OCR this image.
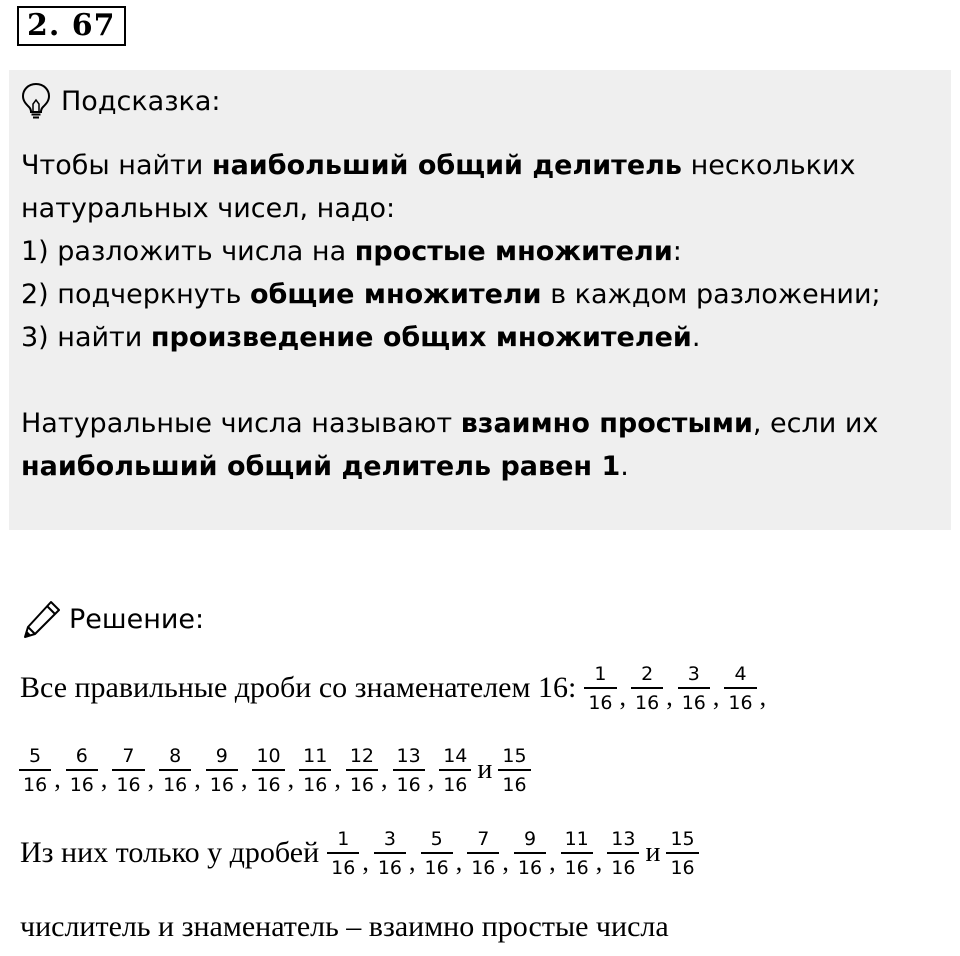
2. 67
Подсказка:

Чтобы найти наибольший общий делитель нескольких

натуральных чисел, надо:

1) разложить числа на простые множители:

2) подчеркнуть общие множители в каждом разложении;

3) найти произведение общих множителей.

Натуральные числа называют взаимно простыми, если их

наибольший общий делитель равен 1.

Решение:
Все правильные дроби со знаменателем 16: $\frac{1}{16}$ , $\frac{2}{16}$ , $\frac{3}{16}$ , $\frac{4}{16}$ ,
$\frac{5}{16}$ , $\frac{6}{16}$ , $\frac{7}{16}$ , $\frac{8}{16}$ , $\frac{9}{16}$ , $\frac{10}{16}$ , $\frac{11}{16}$ , $\frac{12}{16}$ , $\frac{13}{16}$ , $\frac{14}{16}$ и $\frac{15}{16}$
Из них только у дробей $\frac{1}{16}$ , $\frac{3}{16}$ , $\frac{5}{16}$ , $\frac{7}{16}$ , $\frac{9}{16}$ , $\frac{11}{16}$ , $\frac{13}{16}$ и $\frac{15}{16}$
числитель и знаменатель – взаимно простые числа
